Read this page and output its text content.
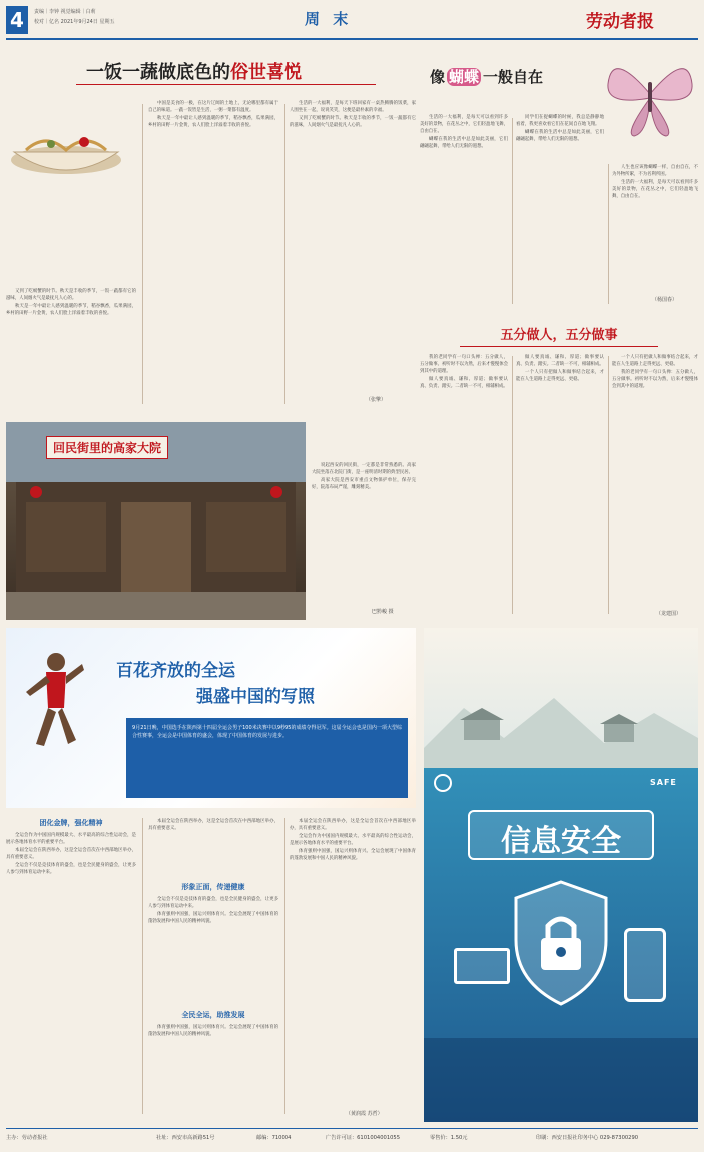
4	责编｜李钟 视觉编辑｜白莉
校对｜亿名 2021年9月24日 星期五	周 末	劳动者报
一饭一蔬做底色的俗世喜悦

又到了吃螃蟹的时节。秋天是丰收的季节，一饭一蔬都有它的滋味，人间烟火气是最抚凡人心的。

秋天是一年中最让人感到温暖的季节，稻谷飘香，瓜果满园，乡村的田野一片金黄，农人们脸上洋溢着丰收的喜悦。

中国是美食的一极，在这片辽阔的土地上，无论哪里都有属于自己的味道。一蔬一饭皆是生活，一粥一菜都有温度。

秋天是一年中最让人感到温暖的季节，稻谷飘香，瓜果满园，乡村的田野一片金黄，农人们脸上洋溢着丰收的喜悦。

生活的一大福利，是每天下班回家有一桌热腾腾的饭菜，家人围坐在一起，说说笑笑，这便是最朴素的幸福。

又到了吃螃蟹的时节。秋天是丰收的季节，一饭一蔬都有它的滋味，人间烟火气是最抚凡人心的。

（张擎）
像 蝴蝶 一般自在

生活的一大福利，是每天可以看到许多美好的景物，在花丛之中，它们轻盈地飞舞，自由自在。

蝴蝶在我的生活中总是如此美丽，它们翩翩起舞，带给人们无限的遐想。

同学们在捉蝴蝶的时候，我总是静静地看着，我更喜欢看它们在花间自在地飞翔。

蝴蝶在我的生活中总是如此美丽，它们翩翩起舞，带给人们无限的遐想。

人生也应该像蝴蝶一样，自由自在，不为外物所累，不为名利所困。

生活的一大福利，是每天可以看到许多美好的景物，在花丛之中，它们轻盈地飞舞，自由自在。

（杨国春）
回民街里的高家大院

说起西安的回民街，一定都是非常熟悉的。高家大院坐落在北院门街，是一座明清时期的典型民居。

高家大院是西安市重点文物保护单位，保存完好，院落布局严谨，雕刻精美。

巴黔峻 摄
五分做人，五分做事

我的老同学有一句口头禅：五分做人，五分做事。初听时不以为然，后来才慢慢体会到其中的道理。

做人要真诚、谦和、厚道；做事要认真、负责、踏实。二者缺一不可，相辅相成。

做人要真诚、谦和、厚道；做事要认真、负责、踏实。二者缺一不可，相辅相成。

一个人只有把做人和做事结合起来，才能在人生道路上走得更远、更稳。

一个人只有把做人和做事结合起来，才能在人生道路上走得更远、更稳。

我的老同学有一句口头禅：五分做人，五分做事。初听时不以为然，后来才慢慢体会到其中的道理。

（龙建国）
百花齐放的全运
强盛中国的写照
9月21日晚，中国选手在陕西第十四届全运会男子100米决赛中以9秒95的成绩夺得冠军。这届全运会也是国内一项大型综合性赛事，全运会是中国体育的盛会，体现了中国体育的发展与进步。
团化金牌，强化精神

全运会作为中国国内规模最大、水平最高的综合性运动会，是展示各地体育水平的重要平台。

本届全运会在陕西举办，这是全运会首次在中西部地区举办，具有重要意义。

全运会不仅是竞技体育的盛会，也是全民健身的盛会，让更多人参与到体育运动中来。

本届全运会在陕西举办，这是全运会首次在中西部地区举办，具有重要意义。

形象正面，传递健康

全运会不仅是竞技体育的盛会，也是全民健身的盛会，让更多人参与到体育运动中来。

体育强则中国强，国运兴则体育兴。全运会展现了中国体育的蓬勃发展和中国人民的精神风貌。

全民全运，助推发展

体育强则中国强，国运兴则体育兴。全运会展现了中国体育的蓬勃发展和中国人民的精神风貌。

本届全运会在陕西举办，这是全运会首次在中西部地区举办，具有重要意义。

全运会作为中国国内规模最大、水平最高的综合性运动会，是展示各地体育水平的重要平台。

体育强则中国强，国运兴则体育兴。全运会展现了中国体育的蓬勃发展和中国人民的精神风貌。

（黄润霞 苏哲）
SAFE
信息安全
主办：劳动者报社	社址：西安市高新路51号	邮编：710004	广告许可证：6101004001055	零售价：1.50元	印刷：西安日报社印务中心 029-87300290
